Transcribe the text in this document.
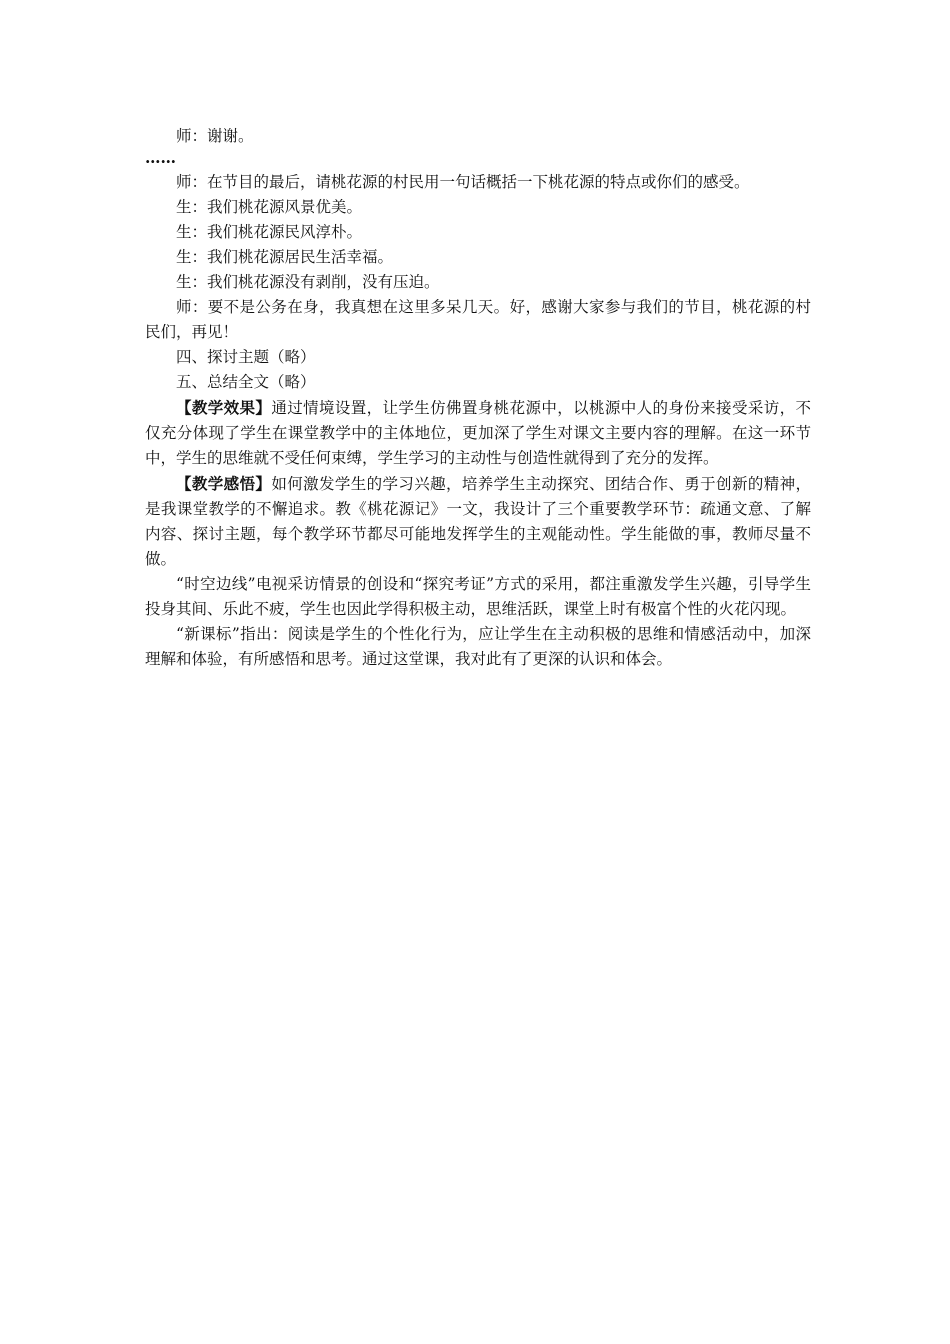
师：谢谢。

……

师：在节目的最后，请桃花源的村民用一句话概括一下桃花源的特点或你们的感受。

生：我们桃花源风景优美。

生：我们桃花源民风淳朴。

生：我们桃花源居民生活幸福。

生：我们桃花源没有剥削，没有压迫。

师：要不是公务在身，我真想在这里多呆几天。好，感谢大家参与我们的节目，桃花源的村民们，再见！

四、探讨主题（略）

五、总结全文（略）

【教学效果】通过情境设置，让学生仿佛置身桃花源中，以桃源中人的身份来接受采访，不仅充分体现了学生在课堂教学中的主体地位，更加深了学生对课文主要内容的理解。在这一环节中，学生的思维就不受任何束缚，学生学习的主动性与创造性就得到了充分的发挥。

【教学感悟】如何激发学生的学习兴趣，培养学生主动探究、团结合作、勇于创新的精神，是我课堂教学的不懈追求。教《桃花源记》一文，我设计了三个重要教学环节：疏通文意、了解内容、探讨主题，每个教学环节都尽可能地发挥学生的主观能动性。学生能做的事，教师尽量不做。

“时空边线”电视采访情景的创设和“探究考证”方式的采用，都注重激发学生兴趣，引导学生投身其间、乐此不疲，学生也因此学得积极主动，思维活跃，课堂上时有极富个性的火花闪现。

“新课标”指出：阅读是学生的个性化行为，应让学生在主动积极的思维和情感活动中，加深理解和体验，有所感悟和思考。通过这堂课，我对此有了更深的认识和体会。
